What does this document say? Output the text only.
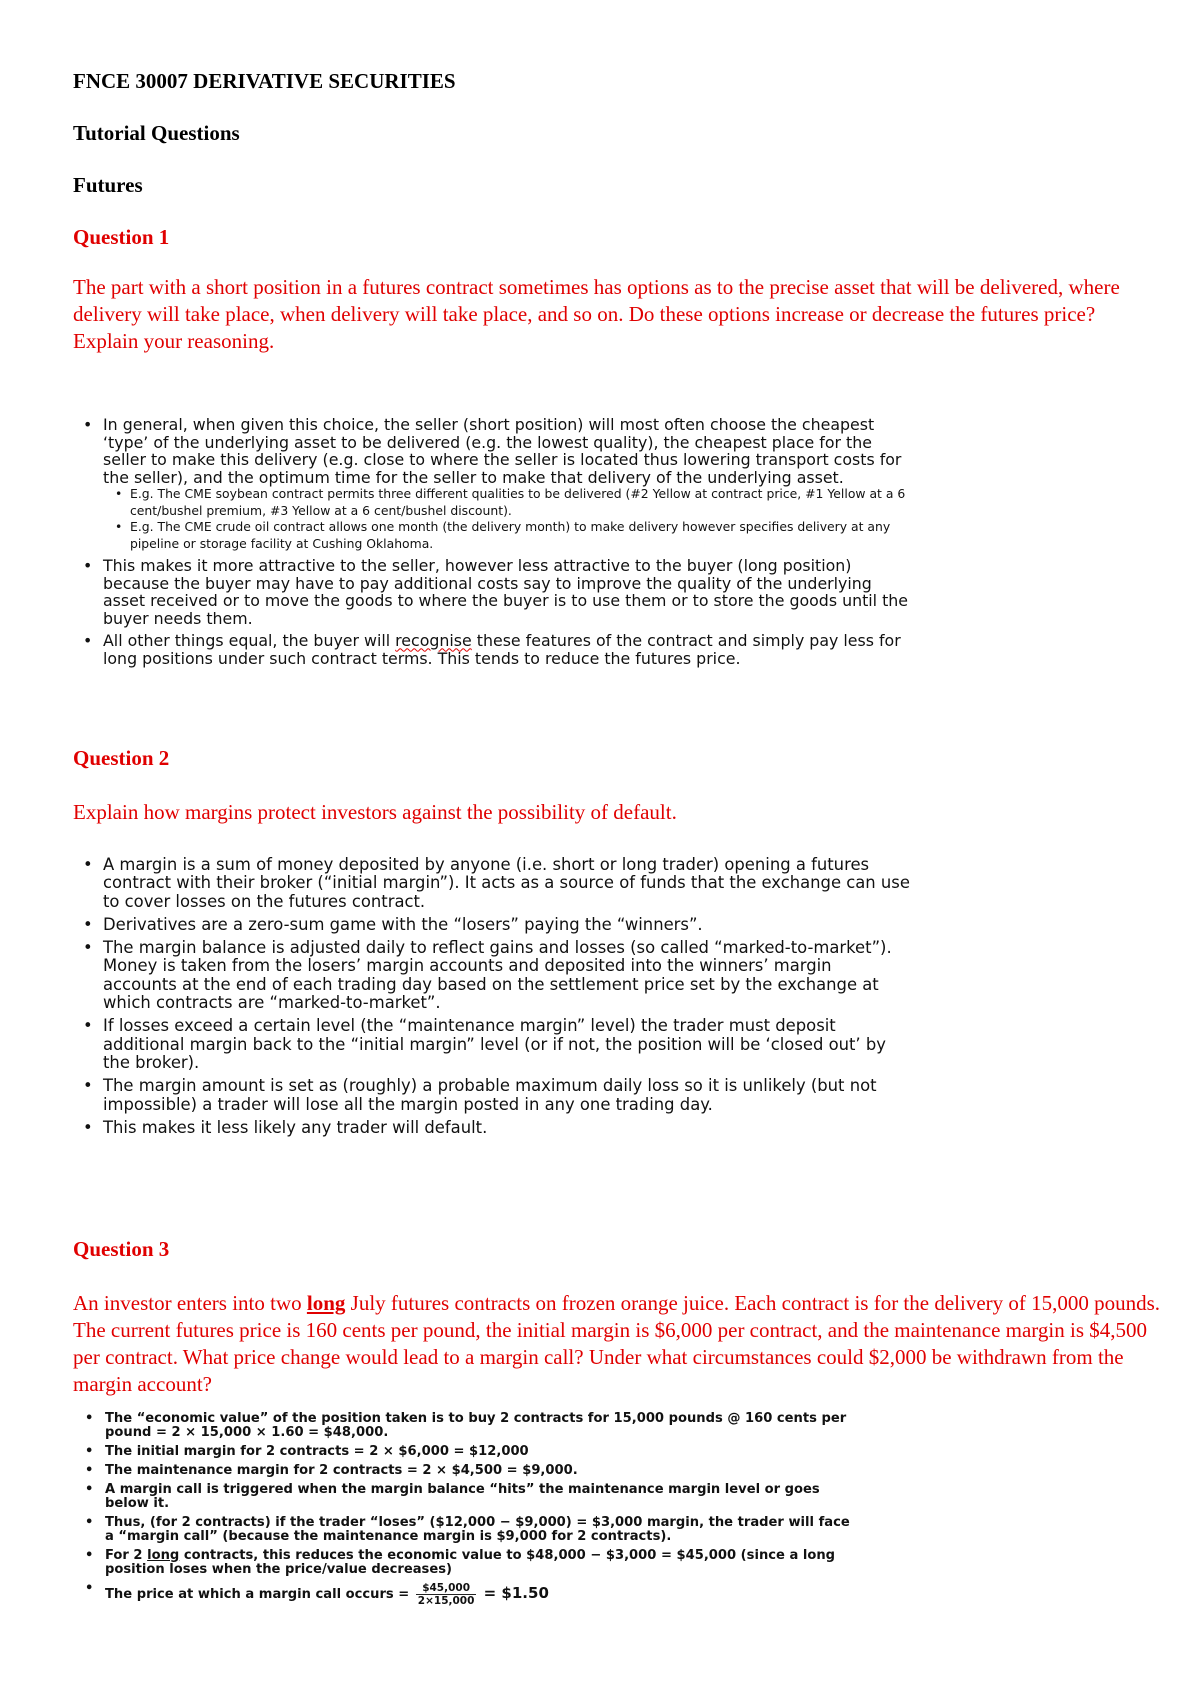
FNCE 30007 DERIVATIVE SECURITIES
Tutorial Questions
Futures
Question 1
The part with a short position in a futures contract sometimes has options as to the precise asset that will be delivered, where delivery will take place, when delivery will take place, and so on. Do these options increase or decrease the futures price? Explain your reasoning.
• In general, when given this choice, the seller (short position) will most often choose the cheapest ‘type’ of the underlying asset to be delivered (e.g. the lowest quality), the cheapest place for the seller to make this delivery (e.g. close to where the seller is located thus lowering transport costs for the seller), and the optimum time for the seller to make that delivery of the underlying asset.
• E.g. The CME soybean contract permits three different qualities to be delivered (#2 Yellow at contract price, #1 Yellow at a 6 cent/bushel premium, #3 Yellow at a 6 cent/bushel discount).
• E.g. The CME crude oil contract allows one month (the delivery month) to make delivery however specifies delivery at any pipeline or storage facility at Cushing Oklahoma.
• This makes it more attractive to the seller, however less attractive to the buyer (long position) because the buyer may have to pay additional costs say to improve the quality of the underlying asset received or to move the goods to where the buyer is to use them or to store the goods until the buyer needs them.
• All other things equal, the buyer will recognise these features of the contract and simply pay less for long positions under such contract terms. This tends to reduce the futures price.
Question 2
Explain how margins protect investors against the possibility of default.
• A margin is a sum of money deposited by anyone (i.e. short or long trader) opening a futures contract with their broker (“initial margin”). It acts as a source of funds that the exchange can use to cover losses on the futures contract.
• Derivatives are a zero-sum game with the “losers” paying the “winners”.
• The margin balance is adjusted daily to reflect gains and losses (so called “marked-to-market”). Money is taken from the losers’ margin accounts and deposited into the winners’ margin accounts at the end of each trading day based on the settlement price set by the exchange at which contracts are “marked-to-market”.
• If losses exceed a certain level (the “maintenance margin” level) the trader must deposit additional margin back to the “initial margin” level (or if not, the position will be ‘closed out’ by the broker).
• The margin amount is set as (roughly) a probable maximum daily loss so it is unlikely (but not impossible) a trader will lose all the margin posted in any one trading day.
• This makes it less likely any trader will default.
Question 3
An investor enters into two long July futures contracts on frozen orange juice. Each contract is for the delivery of 15,000 pounds. The current futures price is 160 cents per pound, the initial margin is $6,000 per contract, and the maintenance margin is $4,500 per contract. What price change would lead to a margin call? Under what circumstances could $2,000 be withdrawn from the margin account?
• The “economic value” of the position taken is to buy 2 contracts for 15,000 pounds @ 160 cents per pound = 2 × 15,000 × 1.60 = $48,000.
• The initial margin for 2 contracts = 2 × $6,000 = $12,000
• The maintenance margin for 2 contracts = 2 × $4,500 = $9,000.
• A margin call is triggered when the margin balance “hits” the maintenance margin level or goes below it.
• Thus, (for 2 contracts) if the trader “loses” ($12,000 − $9,000) = $3,000 margin, the trader will face a “margin call” (because the maintenance margin is $9,000 for 2 contracts).
• For 2 long contracts, this reduces the economic value to $48,000 − $3,000 = $45,000 (since a long position loses when the price/value decreases)
• The price at which a margin call occurs = $\frac{\$45,000}{2\times 15,000}$ = $1.50
